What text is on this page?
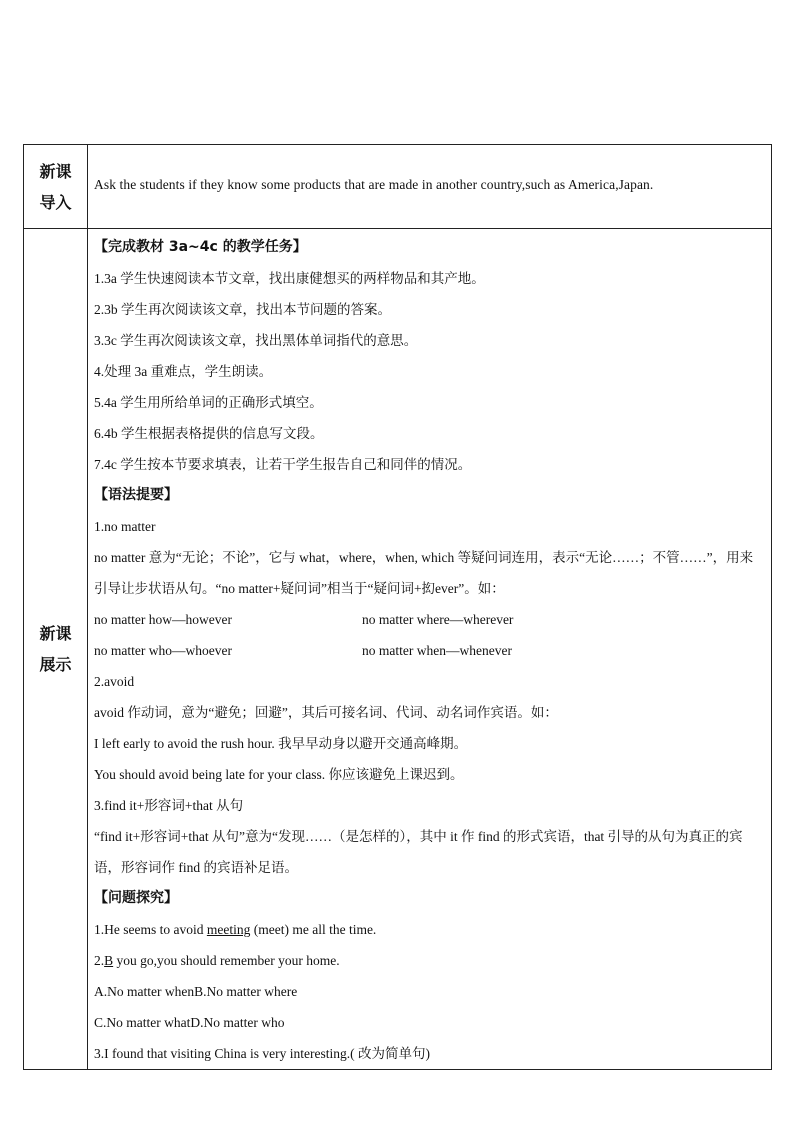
新课
导入
Ask the students if they know some products that are made in another country,such as America,Japan.
新课
展示
【完成教材 3a~4c 的教学任务】
1.3a 学生快速阅读本节文章，找出康健想买的两样物品和其产地。
2.3b 学生再次阅读该文章，找出本节问题的答案。
3.3c 学生再次阅读该文章，找出黑体单词指代的意思。
4.处理 3a 重难点，学生朗读。
5.4a 学生用所给单词的正确形式填空。
6.4b 学生根据表格提供的信息写文段。
7.4c 学生按本节要求填表，让若干学生报告自己和同伴的情况。
【语法提要】
1.no matter
no matter 意为“无论；不论”，它与 what，where，when, which 等疑问词连用，表示“无论……；不管……”，用来引导让步状语从句。“no matter+疑问词”相当于“疑问词+抝ever”。如：
no matter how—however	no matter where—wherever
no matter who—whoever	no matter when—whenever
2.avoid
avoid 作动词，意为“避免；回避”，其后可接名词、代词、动名词作宾语。如：
I left early to avoid the rush hour. 我早早动身以避开交通高峰期。
You should avoid being late for your class. 你应该避免上课迟到。
3.find it+形容词+that 从句
“find it+形容词+that 从句”意为“发现……（是怎样的），其中 it 作 find 的形式宾语，that 引导的从句为真正的宾语，形容词作 find 的宾语补足语。
【问题探究】
1.He seems to avoid meeting (meet) me all the time.
2.B you go,you should remember your home.
A.No matter whenB.No matter where
C.No matter whatD.No matter who
3.I found that visiting China is very interesting.( 改为简单句)
